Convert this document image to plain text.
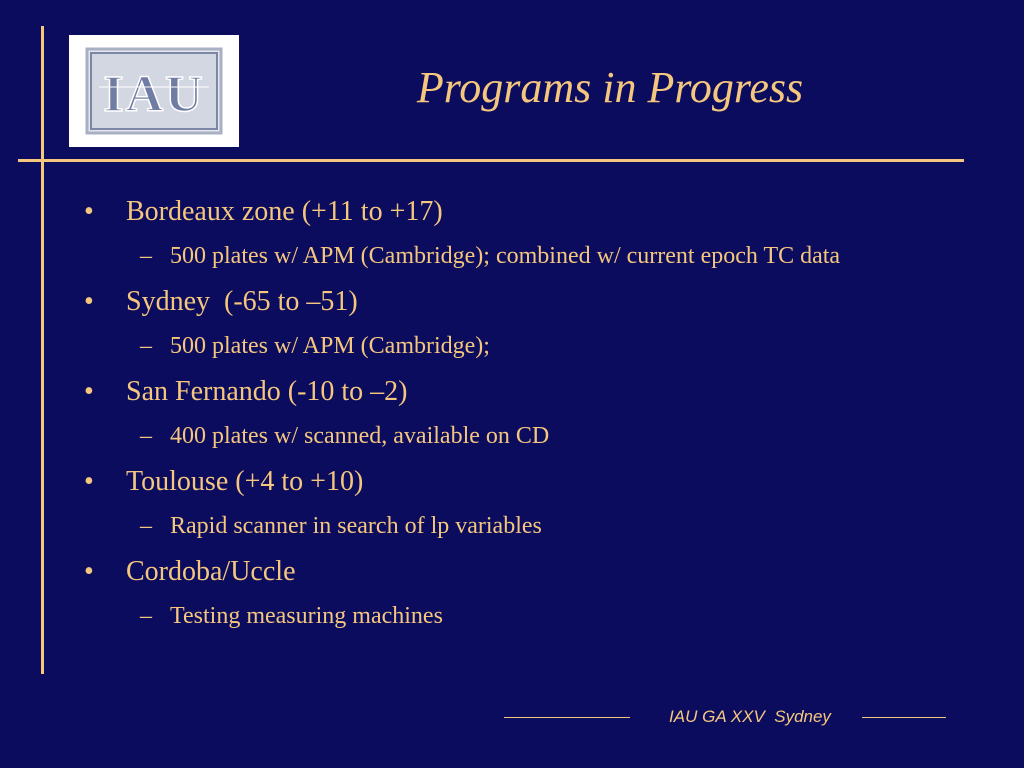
IAU	Programs in Progress
• Bordeaux zone (+11 to +17)
– 500 plates w/ APM (Cambridge); combined w/ current epoch TC data
• Sydney  (-65 to –51)
– 500 plates w/ APM (Cambridge);
• San Fernando (-10 to –2)
– 400 plates w/ scanned, available on CD
• Toulouse (+4 to +10)
– Rapid scanner in search of lp variables
• Cordoba/Uccle
– Testing measuring machines
IAU GA XXV  Sydney
